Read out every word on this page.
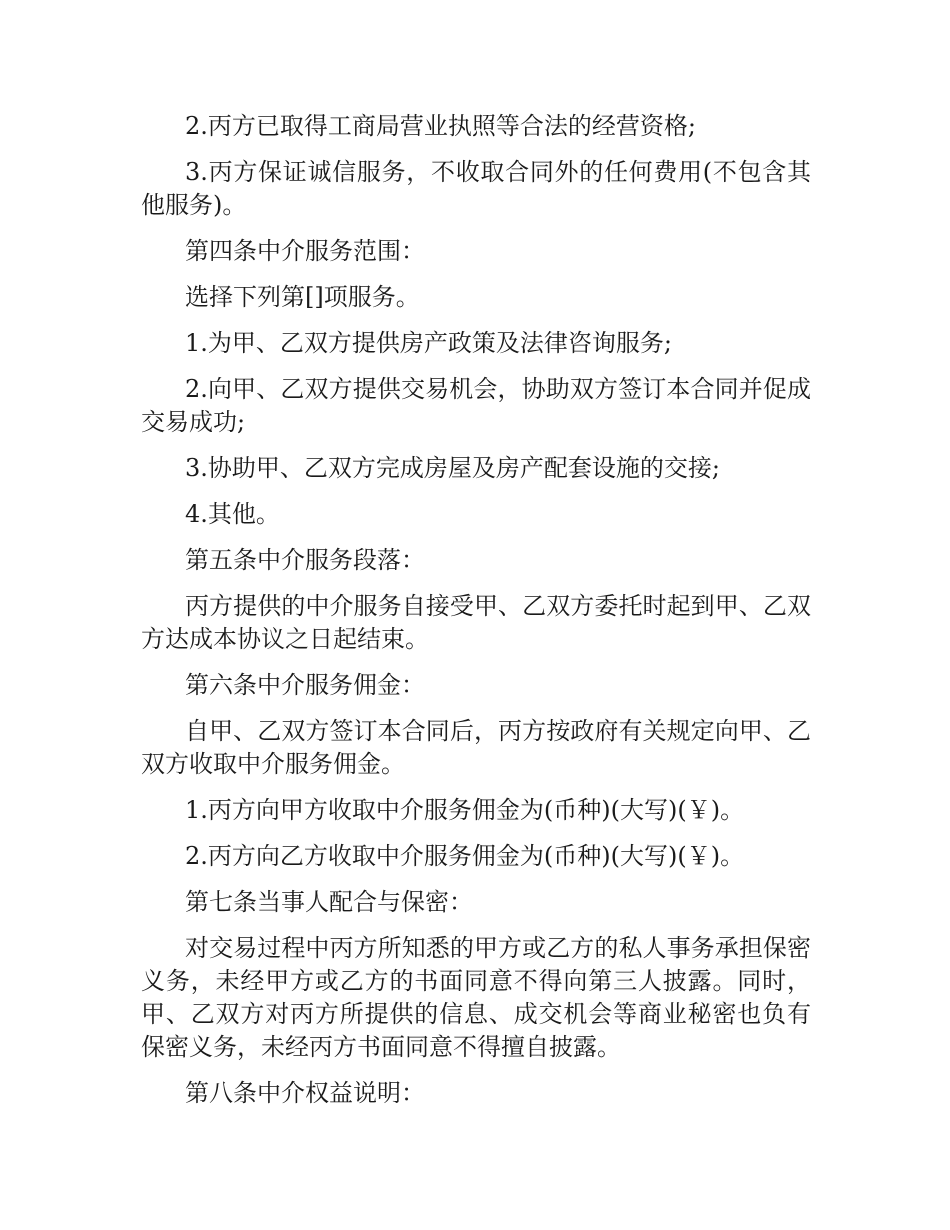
2.丙方已取得工商局营业执照等合法的经营资格;

3.丙方保证诚信服务，不收取合同外的任何费用(不包含其他服务)。

第四条中介服务范围：

选择下列第[]项服务。

1.为甲、乙双方提供房产政策及法律咨询服务;

2.向甲、乙双方提供交易机会，协助双方签订本合同并促成交易成功;

3.协助甲、乙双方完成房屋及房产配套设施的交接;

4.其他。

第五条中介服务段落：

丙方提供的中介服务自接受甲、乙双方委托时起到甲、乙双方达成本协议之日起结束。

第六条中介服务佣金：

自甲、乙双方签订本合同后，丙方按政府有关规定向甲、乙双方收取中介服务佣金。

1.丙方向甲方收取中介服务佣金为(币种)(大写)(￥)。

2.丙方向乙方收取中介服务佣金为(币种)(大写)(￥)。

第七条当事人配合与保密：

对交易过程中丙方所知悉的甲方或乙方的私人事务承担保密义务，未经甲方或乙方的书面同意不得向第三人披露。同时，甲、乙双方对丙方所提供的信息、成交机会等商业秘密也负有保密义务，未经丙方书面同意不得擅自披露。

第八条中介权益说明：
